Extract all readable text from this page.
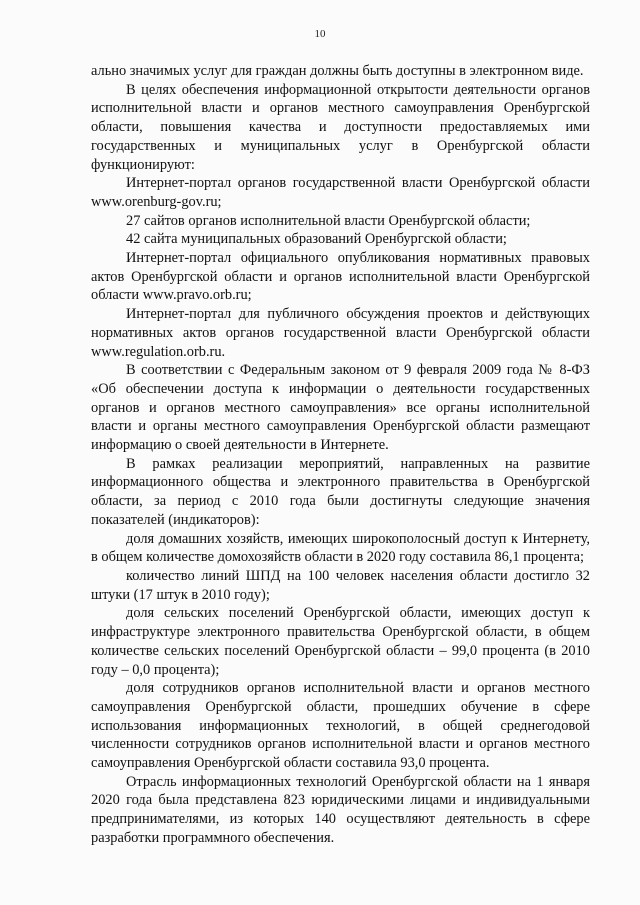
10

ально значимых услуг для граждан должны быть доступны в электронном виде.

В целях обеспечения информационной открытости деятельности органов исполнительной власти и органов местного самоуправления Оренбургской области, повышения качества и доступности предоставляемых ими государственных и муниципальных услуг в Оренбургской области функционируют:

Интернет-портал органов государственной власти Оренбургской области www.orenburg-gov.ru;

27 сайтов органов исполнительной власти Оренбургской области;

42 сайта муниципальных образований Оренбургской области;

Интернет-портал официального опубликования нормативных правовых актов Оренбургской области и органов исполнительной власти Оренбургской области www.pravo.orb.ru;

Интернет-портал для публичного обсуждения проектов и действующих нормативных актов органов государственной власти Оренбургской области www.regulation.orb.ru.

В соответствии с Федеральным законом от 9 февраля 2009 года № 8-ФЗ «Об обеспечении доступа к информации о деятельности государственных органов и органов местного самоуправления» все органы исполнительной власти и органы местного самоуправления Оренбургской области размещают информацию о своей деятельности в Интернете.

В рамках реализации мероприятий, направленных на развитие информационного общества и электронного правительства в Оренбургской области, за период с 2010 года были достигнуты следующие значения показателей (индикаторов):

доля домашних хозяйств, имеющих широкополосный доступ к Интернету, в общем количестве домохозяйств области в 2020 году составила 86,1 процента;

количество линий ШПД на 100 человек населения области достигло 32 штуки (17 штук в 2010 году);

доля сельских поселений Оренбургской области, имеющих доступ к инфраструктуре электронного правительства Оренбургской области, в общем количестве сельских поселений Оренбургской области – 99,0 процента (в 2010 году – 0,0 процента);

доля сотрудников органов исполнительной власти и органов местного самоуправления Оренбургской области, прошедших обучение в сфере использования информационных технологий, в общей среднегодовой численности сотрудников органов исполнительной власти и органов местного самоуправления Оренбургской области составила 93,0 процента.

Отрасль информационных технологий Оренбургской области на 1 января 2020 года была представлена 823 юридическими лицами и индивидуальными предпринимателями, из которых 140 осуществляют деятельность в сфере разработки программного обеспечения.
